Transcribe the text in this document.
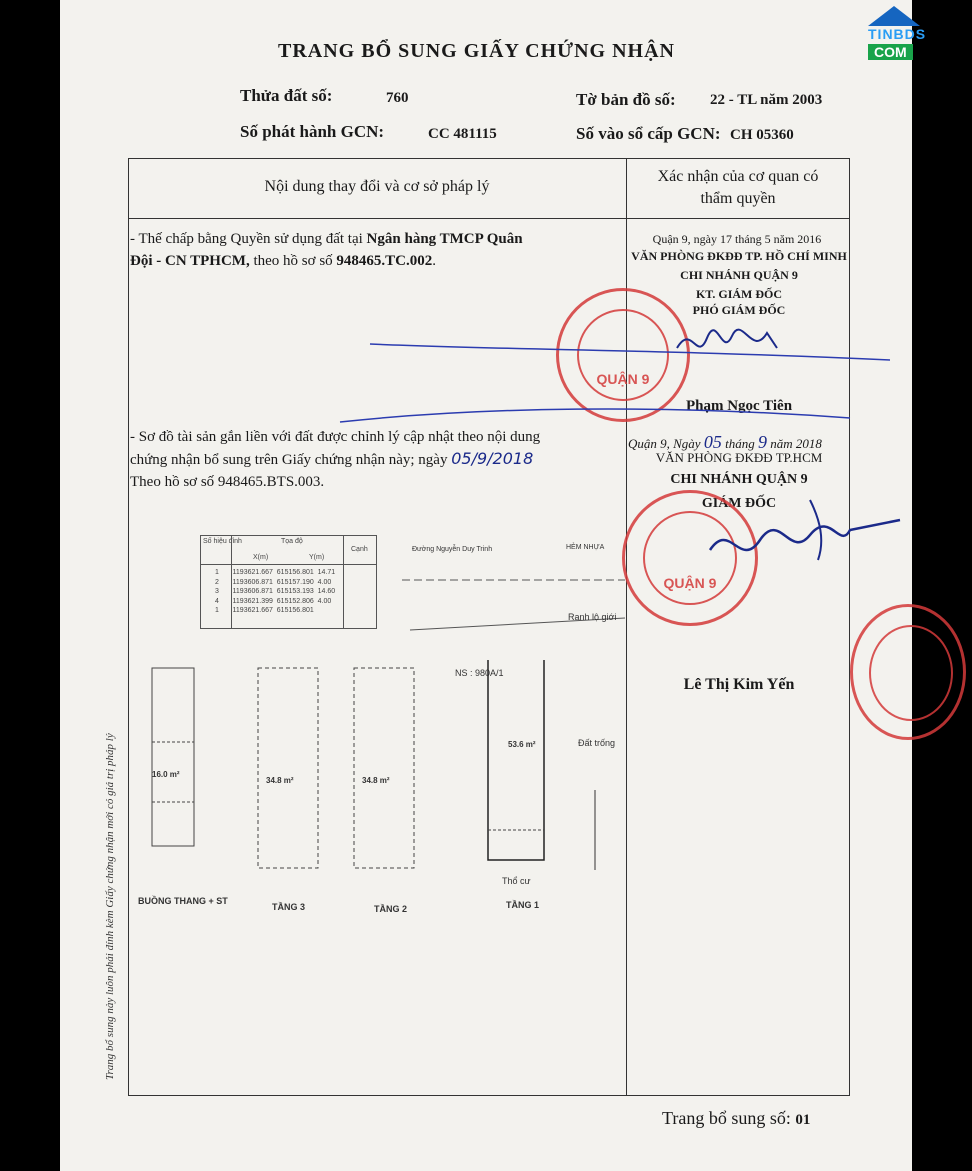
TINBDS
COM
TRANG BỔ SUNG GIẤY CHỨNG NHẬN
Thửa đất số:	760	Tờ bản đồ số: 22 - TL năm 2003
Số phát hành GCN:	CC 481115	Số vào sổ cấp GCN: CH 05360
Nội dung thay đổi và cơ sở pháp lý
Xác nhận của cơ quan có
thẩm quyền
- Thế chấp bằng Quyền sử dụng đất tại Ngân hàng TMCP Quân
Đội - CN TPHCM, theo hồ sơ số 948465.TC.002.
Quận 9, ngày 17 tháng 5 năm 2016
VĂN PHÒNG ĐKĐĐ TP. HỒ CHÍ MINH
CHI NHÁNH QUẬN 9
KT. GIÁM ĐỐC
PHÓ GIÁM ĐỐC
QUẬN 9
Phạm Ngọc Tiên
- Sơ đồ tài sản gắn liền với đất được chỉnh lý cập nhật theo nội dung
chứng nhận bổ sung trên Giấy chứng nhận này; ngày 05/9/2018
Theo hồ sơ số 948465.BTS.003.
Quận 9, Ngày 05 tháng 9 năm 2018
VĂN PHÒNG ĐKĐĐ TP.HCM
CHI NHÁNH QUẬN 9
GIÁM ĐỐC
QUẬN 9
Lê Thị Kim Yến
Số hiệu đỉnh	Tọa độ
Cạnh
X(m)	Y(m)
1 1193621.667 615156.801 14.71
2 1193606.871 615157.190 4.00
3 1193606.871 615153.193 14.60
4 1193621.399 615152.806 4.00
1 1193621.667 615156.801
Đường Nguyễn Duy Trinh	HẺM NHỰA
Ranh lộ giới
NS : 980A/1
Đất trống
16.0 m²
34.8 m²	34.8 m²
53.6 m²
Thổ cư
BUỒNG THANG + ST
TẦNG 3	TẦNG 2	TẦNG 1
Trang bổ sung này luôn phải đính kèm Giấy chứng nhận mới có giá trị pháp lý
Trang bổ sung số: 01
